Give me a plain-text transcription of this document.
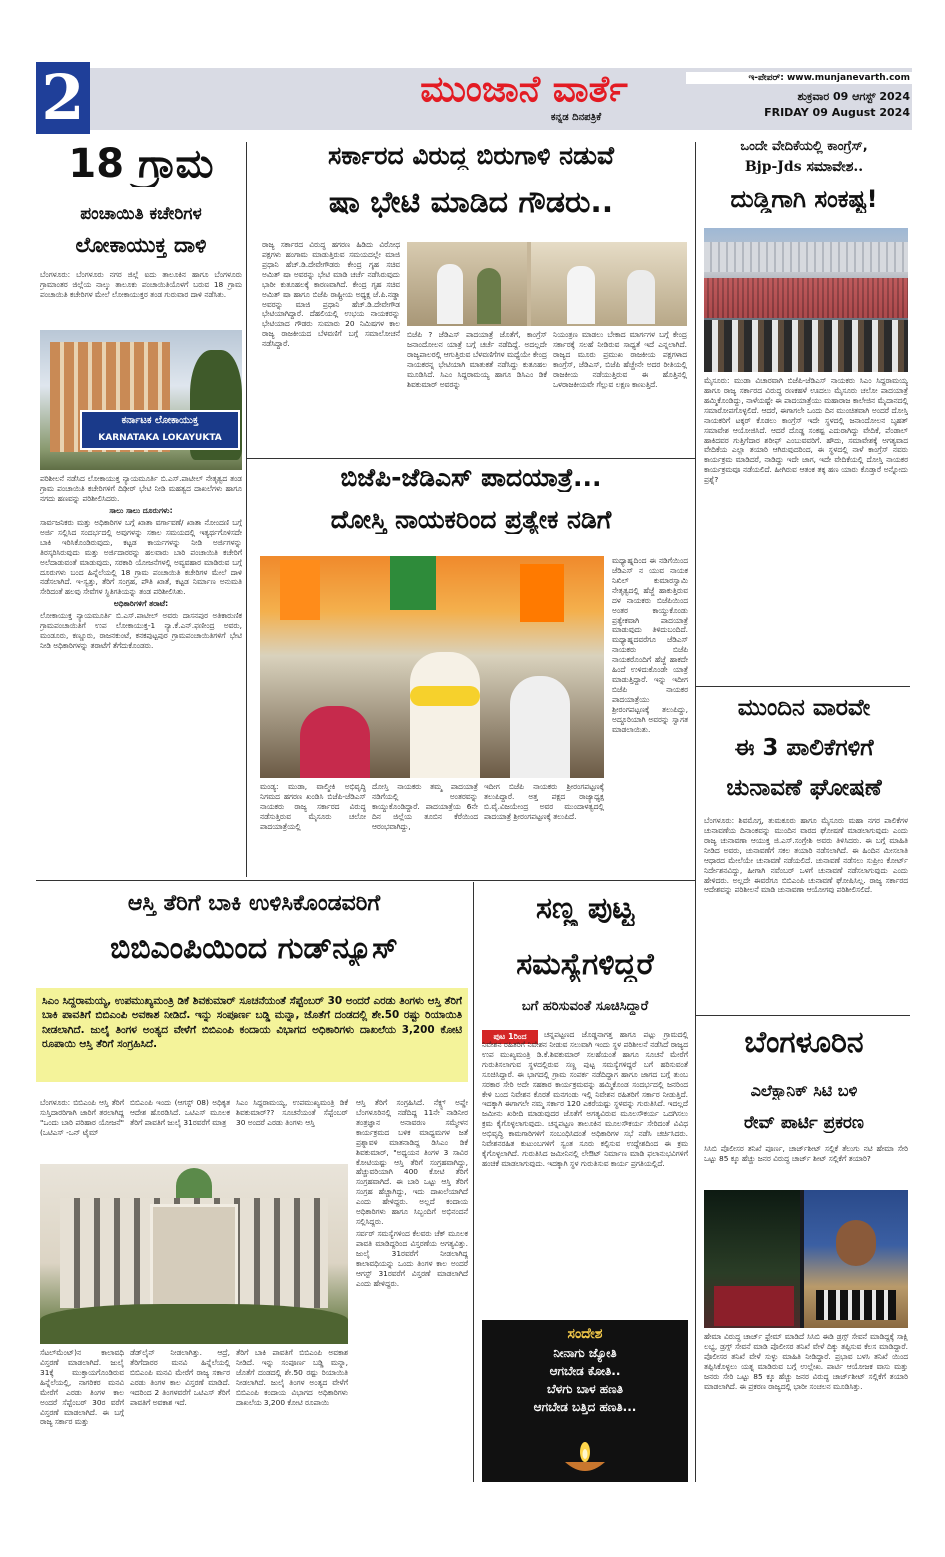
2	ಮುಂಜಾನೆ ವಾರ್ತೆ
ಕನ್ನಡ ದಿನಪತ್ರಿಕೆ
ಇ-ಪೇಪರ್: www.munjanevarth.com
ಶುಕ್ರವಾರ 09 ಆಗಸ್ಟ್ 2024
FRIDAY 09 August 2024
18 ಗ್ರಾಮ
ಪಂಚಾಯಿತಿ ಕಚೇರಿಗಳ
ಲೋಕಾಯುಕ್ತ ದಾಳಿ
ಬೆಂಗಳೂರು: ಬೆಂಗಳೂರು ನಗರ ಜಿಲ್ಲೆ ಐದು ತಾಲೂಕಿನ ಹಾಗೂ ಬೆಂಗಳೂರು ಗ್ರಾಮಾಂತರ ಜಿಲ್ಲೆಯ ನಾಲ್ಕು ತಾಲೂಕು ಪಂಚಾಯಿತಿಯೊಳಗೆ ಬರುವ 18 ಗ್ರಾಮ ಪಂಚಾಯಿತಿ ಕಚೇರಿಗಳ ಮೇಲೆ ಲೋಕಾಯುಕ್ತರ ತಂಡ ಗುರುವಾರ ದಾಳಿ ನಡೆಸಿತು.
ಕರ್ನಾಟಕ ಲೋಕಾಯುಕ್ತ
KARNATAKA LOKAYUKTA

ಪರಿಶೀಲನೆ ನಡೆಸಿದ ಲೋಕಾಯುಕ್ತ ನ್ಯಾಯಮೂರ್ತಿ ಬಿ.ಎಸ್.ಪಾಟೀಲ್ ನೇತೃತ್ವದ ತಂಡ ಗ್ರಾಮ ಪಂಚಾಯಿತಿ ಕಚೇರಿಗಳಿಗೆ ದಿಢೀರ್ ಭೇಟಿ ನೀಡಿ ಮಹತ್ವದ ದಾಖಲೆಗಳು ಹಾಗೂ ನಗದು ಹಣವನ್ನು ಪರಿಶೀಲಿಸಿದರು.

ಸಾಲು ಸಾಲು ದೂರುಗಳು:

ಸಾರ್ವಜನಿಕರು ಮತ್ತು ಅಧಿಕಾರಿಗಳ ಬಗ್ಗೆ ಖಾತಾ ವರ್ಗಾವಣೆ/ ಖಾತಾ ನೋಂದಣಿ ಬಗ್ಗೆ ಅರ್ಜಿ ಸಲ್ಲಿಸಿದ ಸಂದರ್ಭದಲ್ಲಿ ಅವುಗಳನ್ನು ಸಕಾಲ ಸಮಯದಲ್ಲಿ ಇತ್ಯರ್ಥಗೊಳಿಸದೇ ಬಾಕಿ ಇರಿಸಿಕೊಂಡಿರುವುದು, ಕಟ್ಟಡ ಕಾರ್ಯಗಳನ್ನು ನೀಡಿ ಅರ್ಜಿಗಳನ್ನು ತಿರಸ್ಕರಿಸಿರುವುದು ಮತ್ತು ಅರ್ಜಿದಾರರನ್ನು ಹಲವಾರು ಬಾರಿ ಪಂಚಾಯಿತಿ ಕಚೇರಿಗೆ ಅಲೆದಾಡುವಂತೆ ಮಾಡುವುದು, ಸರಕಾರಿ ಯೋಜನೆಗಳಲ್ಲಿ ಅವ್ಯವಹಾರ ಮಾಡಿರುವ ಬಗ್ಗೆ ದೂರುಗಳು ಬಂದ ಹಿನ್ನೆಲೆಯಲ್ಲಿ 18 ಗ್ರಾಮ ಪಂಚಾಯಿತಿ ಕಚೇರಿಗಳ ಮೇಲೆ ದಾಳಿ ನಡೆಸಲಾಗಿದೆ. ಇ-ಸ್ವತ್ತು, ತೆರಿಗೆ ಸಂಗ್ರಹ, ಪೌತಿ ಖಾತೆ, ಕಟ್ಟಡ ನಿರ್ಮಾಣ ಅನುಮತಿ ಸೇರಿದಂತೆ ಹಲವು ಸೇವೆಗಳ ಸ್ಥಿತಿಗತಿಯನ್ನು ತಂಡ ಪರಿಶೀಲಿಸಿತು.

ಅಧಿಕಾರಿಗಳಿಗೆ ತರಾಟೆ:

ಲೋಕಾಯುಕ್ತ ನ್ಯಾಯಮೂರ್ತಿ ಬಿ.ಎಸ್.ಪಾಟೀಲ್ ಅವರು ದಾಸನಪುರ ಅತಿಕಾರುಣಿಕ ಗ್ರಾಮಪಂಚಾಯಿತಿಗೆ ಉಪ ಲೋಕಾಯುಕ್ತ-1 ನ್ಯಾ.ಕೆ.ಎನ್.ಫಣೀಂದ್ರ ಅವರು, ಮಂಡೂರು, ಕಣ್ಣೂರು, ರಾಜನಕುಂಟೆ, ಕನಕಪುಟ್ಟಪುರ ಗ್ರಾಮಪಂಚಾಯಿತಿಗಳಿಗೆ ಭೇಟಿ ನೀಡಿ ಅಧಿಕಾರಿಗಳನ್ನು ತರಾಟೆಗೆ ತೆಗೆದುಕೊಂಡರು.

ಸರ್ಕಾರದ ವಿರುದ್ಧ ಬಿರುಗಾಳಿ ನಡುವೆ
ಷಾ ಭೇಟಿ ಮಾಡಿದ ಗೌಡರು..
ರಾಜ್ಯ ಸರ್ಕಾರದ ವಿರುದ್ಧ ಹಗರಣ ಹಿಡಿದು ವಿರೋಧ ಪಕ್ಷಗಳು ಹಂಗಾಮ ಮಾಡುತ್ತಿರುವ ಸಮಯದಲ್ಲೇ ಮಾಜಿ ಪ್ರಧಾನಿ ಹೆಚ್.ಡಿ.ದೇವೇಗೌಡರು ಕೇಂದ್ರ ಗೃಹ ಸಚಿವ ಅಮಿತ್ ಷಾ ಅವರನ್ನು ಭೇಟಿ ಮಾಡಿ ಚರ್ಚೆ ನಡೆಸಿರುವುದು ಭಾರೀ ಕುತೂಹಲಕ್ಕೆ ಕಾರಣವಾಗಿದೆ. ಕೇಂದ್ರ ಗೃಹ ಸಚಿವ ಅಮಿತ್ ಷಾ ಹಾಗೂ ಬಿಜೆಪಿ ರಾಷ್ಟ್ರೀಯ ಅಧ್ಯಕ್ಷ ಜೆ.ಪಿ.ನಡ್ಡಾ ಅವರನ್ನು ಮಾಜಿ ಪ್ರಧಾನಿ ಹೆಚ್.ಡಿ.ದೇವೇಗೌಡ ಭೇಟಿಯಾಗಿದ್ದಾರೆ. ದೆಹಲಿಯಲ್ಲಿ ಉಭಯ ನಾಯಕರನ್ನು ಭೇಟಿಯಾದ ಗೌಡರು ಸುಮಾರು 20 ನಿಮಿಷಗಳ ಕಾಲ ರಾಜ್ಯ ರಾಜಕೀಯದ ಬೆಳವಣಿಗೆ ಬಗ್ಗೆ ಸಮಾಲೋಚನೆ ನಡೆಸಿದ್ದಾರೆ.
ಬಿಜೆಪಿ ? ಜೆಡಿಎಸ್ ಪಾದಯಾತ್ರೆ ಜೊತೆಗೆ, ಕಾಂಗ್ರೆಸ್ ಜನಾಂದೋಲನ ಯಾತ್ರೆ ಬಗ್ಗೆ ಚರ್ಚೆ ನಡೆದಿದ್ದೆ. ಅದಲ್ಲದೇ ರಾಜ್ಯಪಾಲರಲ್ಲಿ ಆಗುತ್ತಿರುವ ಬೆಳವಣಿಗೆಗಳ ಮಧ್ಯೆಯೇ ಕೇಂದ್ರ ನಾಯಕರನ್ನ ಭೇಟಿಯಾಗಿ ಮಾತುಕತೆ ನಡೆಸಿದ್ದು ಕುತೂಹಲ ಮೂಡಿಸಿದೆ. ಸಿಎಂ ಸಿದ್ದರಾಮಯ್ಯ ಹಾಗೂ ಡಿಸಿಎಂ ಡಿಕೆ ಶಿವಕುಮಾರ್ ಅವರನ್ನು
ನಿಯಂತ್ರಣ ಮಾಡಲು ಬೇಕಾದ ಮಾರ್ಗಗಳ ಬಗ್ಗೆ ಕೇಂದ್ರ ಸರ್ಕಾರಕ್ಕೆ ಸಲಹೆ ನೀಡಿರುವ ಸಾಧ್ಯತೆ ಇದೆ ಎನ್ನಲಾಗಿದೆ. ರಾಜ್ಯದ ಮೂರು ಪ್ರಮುಖ ರಾಜಕೀಯ ಪಕ್ಷಗಳಾದ ಕಾಂಗ್ರೆಸ್, ಜೆಡಿಎಸ್, ಬಿಜೆಪಿ ಹೆಚ್ಚೇನೇ ಅದರ ರೀತಿಯಲ್ಲಿ ರಾಜಕೀಯ ನಡೆಯುತ್ತಿರುವ ಈ ಹೊತ್ತಿನಲ್ಲಿ ಒಳರಾಜಕೀಯವೇ ಗೆಲ್ಲುವ ಲಕ್ಷಣ ಕಾಣುತ್ತಿದೆ.
ಒಂದೇ ವೇದಿಕೆಯಲ್ಲಿ ಕಾಂಗ್ರೆಸ್,
Bjp-Jds ಸಮಾವೇಶ..
ದುಡ್ಡಿಗಾಗಿ ಸಂಕಷ್ಟ!
ಮೈಸೂರು: ಮುಡಾ ವಿಚಾರವಾಗಿ ಬಿಜೆಪಿ-ಜೆಡಿಎಸ್ ನಾಯಕರು ಸಿಎಂ ಸಿದ್ದರಾಮಯ್ಯ ಹಾಗೂ ರಾಜ್ಯ ಸರ್ಕಾರದ ವಿರುದ್ಧ ರಣಕಹಳೆ ಊದಲು ಮೈಸೂರು ಚಲೋ ಪಾದಯಾತ್ರೆ ಹಮ್ಮಿಕೊಂಡಿದ್ದು, ನಾಳೆಯಷ್ಟೇ ಈ ಪಾದಯಾತ್ರೆಯು ಮಹಾರಾಜ ಕಾಲೇಜಿನ ಮೈದಾನದಲ್ಲಿ ಸಮಾರೋಪಗೊಳ್ಳಲಿದೆ. ಆದರೆ, ಈಗಾಗಲೇ ಒಂದು ದಿನ ಮುಂಚಿತವಾಗಿ ಅಂದರೆ ದೋಸ್ತಿ ನಾಯಕರಿಗೆ ಟಕ್ಕರ್ ಕೊಡಲು ಕಾಂಗ್ರೆಸ್ ಇದೇ ಸ್ಥಳದಲ್ಲಿ ಜನಾಂದೋಲನ ಬೃಹತ್ ಸಮಾವೇಶ ಆಯೋಜಿಸಿದೆ. ಆದರೆ ದೊಡ್ಡ ಸಂಕಷ್ಟ ಎದುರಾಗಿದ್ದು ವೇದಿಕೆ, ಪೆಂಡಾಲ್ ಹಾಕಿದವರ ಗುತ್ತಿಗೆದಾರ ಶರೀಫ್ ಎಂಬುವವರಿಗೆ. ಹೌದು, ಸಮಾವೇಶಕ್ಕೆ ಅಗತ್ಯವಾದ ವೇದಿಕೆಯ ಎಲ್ಲಾ ತಯಾರಿ ಆಗಿರುವುದರಿಂದ, ಈ ಸ್ಥಳದಲ್ಲಿ ನಾಳೆ ಕಾಂಗ್ರೆಸ್ ನವರು ಕಾರ್ಯಕ್ರಮ ಮಾಡಿದರೆ, ನಾಡಿದ್ದು ಇದೇ ಜಾಗ, ಇದೇ ವೇದಿಕೆಯಲ್ಲಿ ದೋಸ್ತಿ ನಾಯಕರ ಕಾರ್ಯಕ್ರಮವೂ ನಡೆಯಲಿದೆ. ಹೀಗಿರುವ ಆತಂಕ ತಕ್ಕ ಹಣ ಯಾರು ಕೊಡ್ತಾರೆ ಅನ್ನೋದು ಪ್ರಶ್ನೆ?
ಬಿಜೆಪಿ-ಜೆಡಿಎಸ್ ಪಾದಯಾತ್ರೆ...
ದೋಸ್ತಿ ನಾಯಕರಿಂದ ಪ್ರತ್ಯೇಕ ನಡಿಗೆ
ಮಧ್ಯಾಹ್ನದಿಂದ ಈ ನಡಿಗೆಯಿಂದ ಜೆಡಿಎಸ್ ನ ಯುವ ನಾಯಕ ನಿಖಿಲ್ ಕುಮಾರಸ್ವಾಮಿ ನೇತೃತ್ವದಲ್ಲಿ ಹೆಜ್ಜೆ ಹಾಕುತ್ತಿರುವ ದಳ ನಾಯಕರು ಬಿಜೆಪಿಯಿಂದ ಅಂತರ ಕಾಯ್ದುಕೊಂಡು ಪ್ರತ್ಯೇಕವಾಗಿ ಪಾದಯಾತ್ರೆ ಮಾಡುವುದು ತಿಳಿದುಬಂದಿದೆ. ಮಧ್ಯಾಹ್ನದವರೆಗೂ ಜೆಡಿಎಸ್ ನಾಯಕರು ಬಿಜೆಪಿ ನಾಯಕರೊಂದಿಗೆ ಹೆಜ್ಜೆ ಹಾಕದೇ ಹಿಂದೆ ಉಳಿದುಕೊಂಡೇ ಯಾತ್ರೆ ಮಾಡುತ್ತಿದ್ದಾರೆ. ಇನ್ನು ಇದೀಗ ಬಿಜೆಪಿ ನಾಯಕರ ಪಾದಯಾತ್ರೆಯು ಶ್ರೀರಂಗಪಟ್ಟಣಕ್ಕೆ ತಲುಪಿದ್ದು, ಅದ್ದೂರಿಯಾಗಿ ಅವರನ್ನು ಸ್ವಾಗತ ಮಾಡಲಾಯಿತು.
ಮಂಡ್ಯ: ಮುಡಾ, ವಾಲ್ಮೀಕಿ ಅಭಿವೃದ್ಧಿ ನಿಗಮದ ಹಗರಣ ಖಂಡಿಸಿ ಬಿಜೆಪಿ-ಜೆಡಿಎಸ್ ನಾಯಕರು ರಾಜ್ಯ ಸರ್ಕಾರದ ವಿರುದ್ಧ ನಡೆಸುತ್ತಿರುವ ಮೈಸೂರು ಚಲೋ ಪಾದಯಾತ್ರೆಯಲ್ಲಿ
ದೋಸ್ತಿ ನಾಯಕರು ತಮ್ಮ ಪಾದಯಾತ್ರೆ ನಡಿಗೆಯಲ್ಲಿ ಅಂತರವನ್ನು ಕಾಯ್ದುಕೊಂಡಿದ್ದಾರೆ. ಪಾದಯಾತ್ರೆಯ 6ನೇ ದಿನ ಜಿಲ್ಲೆಯ ತೂಬಿನ ಕೆರೆಯಿಂದ ಆರಂಭವಾಗಿದ್ದು,
ಇದೀಗ ಬಿಜೆಪಿ ನಾಯಕರು ಶ್ರೀರಂಗಪಟ್ಟಣಕ್ಕೆ ತಲುಪಿದ್ದಾರೆ. ಅತ್ತ ಪಕ್ಷದ ರಾಜ್ಯಾಧ್ಯಕ್ಷ ಬಿ.ವೈ.ವಿಜಯೇಂದ್ರ ಅವರ ಮುಂದಾಳತ್ವದಲ್ಲಿ ಪಾದಯಾತ್ರೆ ಶ್ರೀರಂಗಪಟ್ಟಣಕ್ಕೆ ತಲುಪಿದೆ.
ಮುಂದಿನ ವಾರವೇ
ಈ 3 ಪಾಲಿಕೆಗಳಿಗೆ
ಚುನಾವಣೆ ಘೋಷಣೆ
ಬೆಂಗಳೂರು: ಶಿವಮೊಗ್ಗ, ತುಮಕೂರು ಹಾಗೂ ಮೈಸೂರು ಮಹಾ ನಗರ ಪಾಲಿಕೆಗಳ ಚುನಾವಣೆಯ ದಿನಾಂಕವನ್ನು ಮುಂದಿನ ವಾರದ ಘೋಷಣೆ ಮಾಡಲಾಗುವುದು ಎಂದು ರಾಜ್ಯ ಚುನಾವಣಾ ಆಯುಕ್ತ ಜಿ.ಎಸ್.ಸಂಗ್ರೇಶಿ ಅವರು ತಿಳಿಸಿದರು. ಈ ಬಗ್ಗೆ ಮಾಹಿತಿ ನೀಡಿದ ಅವರು, ಚುನಾವಣೆಗೆ ಸಕಲ ತಯಾರಿ ನಡೆಸಲಾಗಿದೆ. ಈ ಹಿಂದಿನ ಮೀಸಲಾತಿ ಆಧಾರದ ಮೇಲೆಯೇ ಚುನಾವಣೆ ನಡೆಯಲಿದೆ. ಚುನಾವಣೆ ನಡೆಸಲು ಸುಪ್ರೀಂ ಕೋರ್ಟ್ ನಿರ್ದೇಶನವಿದ್ದು, ಹೀಗಾಗಿ ನವೆಂಬರ್ ಒಳಗೆ ಚುನಾವಣೆ ನಡೆಸಲಾಗುವುದು ಎಂದು ಹೇಳಿದರು. ಅಲ್ಲದೇ ಈವರೆಗೂ ಬಿಬಿಎಂಪಿ ಚುನಾವಣೆ ಘೋಷಿಸಿಲ್ಲ. ರಾಜ್ಯ ಸರ್ಕಾರದ ಆದೇಶವನ್ನು ಪರಿಶೀಲನೆ ಮಾಡಿ ಚುನಾವಣಾ ಆಯೋಗವು ಪರಿಶೀಲಿಸಲಿದೆ.
ಆಸ್ತಿ ತೆರಿಗೆ ಬಾಕಿ ಉಳಿಸಿಕೊಂಡವರಿಗೆ
ಬಿಬಿಎಂಪಿಯಿಂದ ಗುಡ್‌ನ್ಯೂಸ್
ಸಿಎಂ ಸಿದ್ದರಾಮಯ್ಯ, ಉಪಮುಖ್ಯಮಂತ್ರಿ ಡಿಕೆ ಶಿವಕುಮಾರ್ ಸೂಚನೆಯಂತೆ ಸೆಪ್ಟೆಂಬರ್ 30 ಅಂದರೆ ಎರಡು ತಿಂಗಳು ಆಸ್ತಿ ತೆರಿಗೆ ಬಾಕಿ ಪಾವತಿಗೆ ಬಿಬಿಎಂಪಿ ಅವಕಾಶ ನೀಡಿದೆ. ಇನ್ನು ಸಂಪೂರ್ಣ ಬಡ್ಡಿ ಮನ್ನಾ, ಜೊತೆಗೆ ದಂಡದಲ್ಲಿ ಶೇ.50 ರಷ್ಟು ರಿಯಾಯಿತಿ ನೀಡಲಾಗಿದೆ. ಜುಲೈ ತಿಂಗಳ ಅಂತ್ಯದ ವೇಳೆಗೆ ಬಿಬಿಎಂಪಿ ಕಂದಾಯ ವಿಭಾಗದ ಅಧಿಕಾರಿಗಳು ದಾಖಲೆಯ 3,200 ಕೋಟಿ ರೂಪಾಯಿ ಆಸ್ತಿ ತೆರಿಗೆ ಸಂಗ್ರಹಿಸಿದೆ.
ಬೆಂಗಳೂರು: ಬಿಬಿಎಂಪಿ ಆಸ್ತಿ ತೆರಿಗೆ ಸುಸ್ತಿದಾರರಿಗಾಗಿ ಜಾರಿಗೆ ತರಲಾಗಿದ್ದ "ಒಂದು ಬಾರಿ ಪರಿಹಾರ ಯೋಜನೆ" (ಒಟಿಎಸ್ -ಒನ್ ಟೈಮ್
ಬಿಬಿಎಂಪಿ ಇಂದು (ಆಗಸ್ಟ್ 08) ಅಧಿಕೃತ ಆದೇಶ ಹೊರಡಿಸಿದೆ. ಒಟಿಎಸ್ ಮೂಲಕ ತೆರಿಗೆ ಪಾವತಿಗೆ ಜುಲೈ 31ರವರೆಗೆ ಮಾತ್ರ
ಸಿಎಂ ಸಿದ್ದರಾಮಯ್ಯ, ಉಪಮುಖ್ಯಮಂತ್ರಿ ಡಿಕೆ ಶಿವಕುಮಾರ್?? ಸೂಚನೆಯಂತೆ ಸೆಪ್ಟೆಂಬರ್ 30 ಅಂದರೆ ಎರಡು ತಿಂಗಳು ಆಸ್ತಿ
ಆಸ್ತಿ ತೆರಿಗೆ ಸಂಗ್ರಹಿಸಿದೆ. ನೆಕ್ಸ್ಟ್ ಅಪ್ಡೇ ಬೆಂಗಳೂರಿನಲ್ಲಿ ನಡೆದಿದ್ದ 11ನೇ ನಾಡಿನೀರ ತಂತ್ರಜ್ಞಾನ ಅನಾವರಣ ಸಮ್ಮೇಳನ ಕಾರ್ಯಕ್ರಮದ ಬಳಿಕ ಮಾಧ್ಯಮಗಳ ಜತೆ ಪ್ರಶ್ನಾವಳಿ ಮಾತನಾಡಿದ್ದ ಡಿಸಿಎಂ ಡಿಕೆ ಶಿವಕುಮಾರ್, "ಅಧ್ಯಯನ ತಿಂಗಳ 3 ಸಾವಿರ ಕೋಟಿಯಷ್ಟು ಆಸ್ತಿ ತೆರಿಗೆ ಸಂಗ್ರಹವಾಗಿದ್ದು, ಹೆಚ್ಚುವರಿಯಾಗಿ 400 ಕೋಟಿ ತೆರಿಗೆ ಸಂಗ್ರಹವಾಗಿದೆ. ಈ ಬಾರಿ ಒಟ್ಟು ಆಸ್ತಿ ತೆರಿಗೆ ಸಂಗ್ರಹ ಹೆಚ್ಚಾಗಿದ್ದು, ಇದು ದಾಖಲೆಯಾಗಿದೆ ಎಂದು ಹೇಳಿದ್ದರು. ಅಲ್ಲದೆ ಕಂದಾಯ ಅಧಿಕಾರಿಗಳು ಹಾಗೂ ಸಿಬ್ಬಂದಿಗೆ ಅಭಿನಂದನೆ ಸಲ್ಲಿಸಿದ್ದರು.
ಸರ್ವರ್ ಸಮಸ್ಯೆಗಳಿಂದ ಕೆಲವರು ಚೆಕ್ ಮೂಲಕ ಪಾವತಿ ಮಾಡಿದ್ದರಿಂದ ವಿಸ್ತರಣೆಯ ಅಗತ್ಯವಿತ್ತು. ಜುಲೈ 31ರವರೆಗೆ ನೀಡಲಾಗಿದ್ದ ಕಾಲಾವಧಿಯನ್ನು ಒಂದು ತಿಂಗಳ ಕಾಲ ಅಂದರೆ ಆಗಸ್ಟ್ 31ರವರೆಗೆ ವಿಸ್ತರಣೆ ಮಾಡಲಾಗಿದೆ ಎಂದು ಹೇಳಿದ್ದರು.
ಸೆಟಲ್‌ಮೆಂಟ್)ನ ಕಾಲಾವಧಿ ವಿಸ್ತರಣೆ ಮಾಡಲಾಗಿದೆ. ಜುಲೈ 31ಕ್ಕೆ ಮುಕ್ತಾಯಗೊಂಡಿರುವ ಹಿನ್ನೆಲೆಯಲ್ಲಿ, ನಾಗರಿಕರ ಮನವಿ ಮೇರೆಗೆ ಎರಡು ತಿಂಗಳ ಕಾಲ ಅಂದರೆ ಸೆಪ್ಟೆಂಬರ್ 30ರ ವರೆಗೆ ವಿಸ್ತರಣೆ ಮಾಡಲಾಗಿದೆ. ಈ ಬಗ್ಗೆ ರಾಜ್ಯ ಸರ್ಕಾರ ಮತ್ತು
ಡೆಡ್‌ಲೈನ್ ನೀಡಲಾಗಿತ್ತು. ಆದ್ರೆ, ತೆರಿಗೆದಾರರ ಮನವಿ ಹಿನ್ನೆಲೆಯಲ್ಲಿ ಬಿಬಿಎಂಪಿ ಮನವಿ ಮೇರೆಗೆ ರಾಜ್ಯ ಸರ್ಕಾರ ಎರಡು ತಿಂಗಳ ಕಾಲ ವಿಸ್ತರಣೆ ಮಾಡಿದೆ. ಇದರಿಂದ 2 ತಿಂಗಳವರೆಗೆ ಒಟಿಎಸ್ ತೆರಿಗೆ ಪಾವತಿಗೆ ಅವಕಾಶ ಇದೆ.
ತೆರಿಗೆ ಬಾಕಿ ಪಾವತಿಗೆ ಬಿಬಿಎಂಪಿ ಅವಕಾಶ ನೀಡಿದೆ. ಇನ್ನು ಸಂಪೂರ್ಣ ಬಡ್ಡಿ ಮನ್ನಾ, ಜೊತೆಗೆ ದಂಡದಲ್ಲಿ ಶೇ.50 ರಷ್ಟು ರಿಯಾಯಿತಿ ನೀಡಲಾಗಿದೆ. ಜುಲೈ ತಿಂಗಳ ಅಂತ್ಯದ ವೇಳೆಗೆ ಬಿಬಿಎಂಪಿ ಕಂದಾಯ ವಿಭಾಗದ ಅಧಿಕಾರಿಗಳು ದಾಖಲೆಯ 3,200 ಕೋಟಿ ರೂಪಾಯಿ
ಸಣ್ಣ ಪುಟ್ಟ
ಸಮಸ್ಯೆಗಳಿದ್ದರೆ
ಬಗೆ ಹರಿಸುವಂತೆ ಸೂಚಿಸಿದ್ದಾರೆ
ಪುಟ 1ರಿಂದ	ಚನ್ನಪಟ್ಟಣದ ಜೊಡ್ಡನಾಗತ್ತ ಹಾಗೂ ಪಟ್ಲು ಗ್ರಾಮದಲ್ಲಿ ನಿವೇಶನ ರಹಿತರಿಗೆ ನಿವೇಶನ ನೀಡುವ ಸಲುವಾಗಿ ಇಂದು ಸ್ಥಳ ಪರಿಶೀಲನೆ ನಡೆಸಿದೆ ರಾಜ್ಯದ ಉಪ ಮುಖ್ಯಮಂತ್ರಿ ಡಿ.ಕೆ.ಶಿವಕುಮಾರ್ ಸಲಹೆಯಂತೆ ಹಾಗೂ ಸೂಚನೆ ಮೇರೆಗೆ ಗುರುತಿಸಲಾಗುವ ಸ್ಥಳದಲ್ಲಿರುವ ಸಣ್ಣ ಪುಟ್ಟ ಸಮಸ್ಯೆಗಳಿದ್ದರೆ ಬಗೆ ಹರಿಸುವಂತೆ ಸೂಚಿಸಿದ್ದಾರೆ. ಈ ಭಾಗದಲ್ಲಿ ಗ್ರಾಮ ಸಂಪರ್ಕ ನಡೆದಿದ್ದಾಗ ಹಾಗೂ ಜಾಗದ ಬಗ್ಗೆ ತುಂಬ ಸರಕಾರ ಸೇರಿ ಅದೇ ಸಹಕಾರ ಕಾರ್ಯಕ್ರಮವನ್ನು ಹಮ್ಮಿಕೊಂಡ ಸಂದರ್ಭದಲ್ಲಿ ಜನರಿಂದ ಕೇಳಿ ಬಂದ ನಿವೇಶನ ಕೊರತೆ ಮನಗಂಡು ಇಲ್ಲಿ ನಿವೇಶನ ರಹಿತರಿಗೆ ಸರ್ಕಾರ ನೀಡುತ್ತಿದೆ. ಇದಕ್ಕಾಗಿ ಈಗಾಗಲೇ ನಮ್ಮ ಸರ್ಕಾರ 120 ಎಕರೆಯಷ್ಟು ಸ್ಥಳವನ್ನು ಗುರುತಿಸಿದೆ. ಇದಲ್ಲದೆ ಜಮೀನು ಖರೀದಿ ಮಾಡುವುದರ ಜೊತೆಗೆ ಅಗತ್ಯವಿರುವ ಮೂಲಸೌಕರ್ಯ ಒದಗಿಸಲು ಕ್ರಮ ಕೈಗೊಳ್ಳಲಾಗುವುದು. ಚನ್ನಪಟ್ಟಣ ತಾಲೂಕಿನ ಮೂಲಸೌಕರ್ಯ ಸೇರಿದಂತೆ ವಿವಿಧ ಅಭಿವೃದ್ಧಿ ಕಾಮಗಾರಿಗಳಿಗೆ ಸಂಬಂಧಿಸಿದಂತೆ ಅಧಿಕಾರಿಗಳ ಸಭೆ ನಡೆಸಿ ಚರ್ಚಿಸಿದರು. ನಿವೇಶನರಹಿತ ಕುಟುಂಬಗಳಿಗೆ ಸ್ವಂತ ಸೂರು ಕಲ್ಪಿಸುವ ಉದ್ದೇಶದಿಂದ ಈ ಕ್ರಮ ಕೈಗೊಳ್ಳಲಾಗಿದೆ. ಗುರುತಿಸಿದ ಜಮೀನಿನಲ್ಲಿ ಲೇಔಟ್ ನಿರ್ಮಾಣ ಮಾಡಿ ಫಲಾನುಭವಿಗಳಿಗೆ ಹಂಚಿಕೆ ಮಾಡಲಾಗುವುದು. ಇದಕ್ಕಾಗಿ ಸ್ಥಳ ಗುರುತಿಸುವ ಕಾರ್ಯ ಪ್ರಗತಿಯಲ್ಲಿದೆ.
ಸಂದೇಶ
ನೀನಾಗು ಜ್ಯೋತಿ
ಆಗಬೇಡ ಕೋತಿ..
ಬೆಳಗು ಬಾಳ ಹಣತಿ
ಆಗಬೇಡ ಬತ್ತಿದ ಹಣತಿ...
ಬೆಂಗಳೂರಿನ
ಎಲೆಕ್ಟ್ರಾನಿಕ್ ಸಿಟಿ ಬಳಿ
ರೇವ್ ಪಾರ್ಟಿ ಪ್ರಕರಣ
ಸಿಸಿಬಿ ಪೊಲೀಸರ ತನಿಖೆ ಪೂರ್ಣ, ಚಾರ್ಜ್‌ಶೀಟ್ ಸಲ್ಲಿಕೆ ತೆಲುಗು ನಟಿ ಹೇಮಾ ಸೇರಿ ಒಟ್ಟು 85 ಕ್ಕೂ ಹೆಚ್ಚು ಜನರ ವಿರುದ್ಧ ಚಾರ್ಜ್ ಶೀಟ್ ಸಲ್ಲಿಕೆಗೆ ತಯಾರಿ?
ಹೇಮಾ ವಿರುದ್ಧ ಚಾರ್ಜ್ ಫ್ರೇಮ್ ಮಾಡಿದೆ ಸಿಸಿಬಿ ಈಡಿ ಡ್ರಗ್ಸ್ ಸೇವನೆ ಮಾಡಿದ್ದಕ್ಕೆ ಸಾಕ್ಷಿ ಲಭ್ಯ, ಡ್ರಗ್ಸ್ ಸೇವನೆ ಮಾಡಿ ಪೊಲೀಸರ ತನಿಖೆ ವೇಳೆ ದಿಕ್ಕು ತಪ್ಪಿಸುವ ಕೆಲಸ ಮಾಡಿದ್ದಾರೆ. ಪೊಲೀಸರ ತನಿಖೆ ವೇಳೆ ಸುಳ್ಳು ಮಾಹಿತಿ ನೀಡಿದ್ದಾರೆ. ಪ್ರಭಾವ ಬಳಸಿ ತನಿಖೆ ಯಿಂದ ತಪ್ಪಿಸಿಕೊಳ್ಳಲು ಯತ್ನ ಮಾಡಿರುವ ಬಗ್ಗೆ ಉಲ್ಲೇಖ. ಪಾರ್ಟಿ ಆಯೋಜಕ ವಾಸು ಮತ್ತು ಜನರು ಸೇರಿ ಒಟ್ಟು 85 ಕ್ಕೂ ಹೆಚ್ಚು ಜನರ ವಿರುದ್ಧ ಚಾರ್ಜ್‌ಶೀಟ್ ಸಲ್ಲಿಕೆಗೆ ತಯಾರಿ ಮಾಡಲಾಗಿದೆ. ಈ ಪ್ರಕರಣ ರಾಜ್ಯದಲ್ಲಿ ಭಾರೀ ಸಂಚಲನ ಮೂಡಿಸಿತ್ತು.
